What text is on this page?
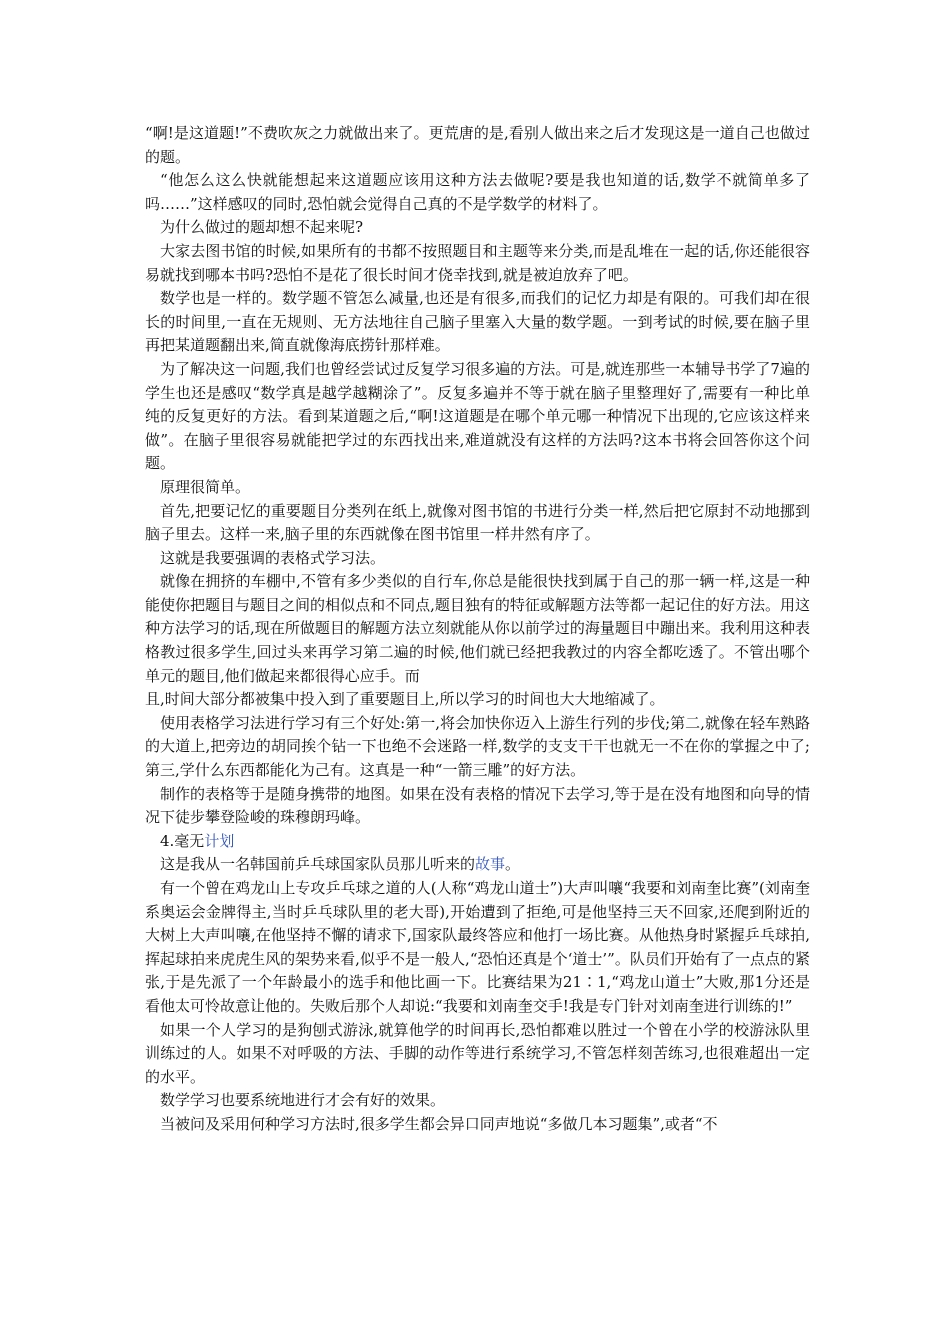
“啊!是这道题!”不费吹灰之力就做出来了。更荒唐的是,看别人做出来之后才发现这是一道自己也做过的题。

“他怎么这么快就能想起来这道题应该用这种方法去做呢?要是我也知道的话,数学不就简单多了吗……”这样感叹的同时,恐怕就会觉得自己真的不是学数学的材料了。

为什么做过的题却想不起来呢?

大家去图书馆的时候,如果所有的书都不按照题目和主题等来分类,而是乱堆在一起的话,你还能很容易就找到哪本书吗?恐怕不是花了很长时间才侥幸找到,就是被迫放弃了吧。

数学也是一样的。数学题不管怎么减量,也还是有很多,而我们的记忆力却是有限的。可我们却在很长的时间里,一直在无规则、无方法地往自己脑子里塞入大量的数学题。一到考试的时候,要在脑子里再把某道题翻出来,简直就像海底捞针那样难。

为了解决这一问题,我们也曾经尝试过反复学习很多遍的方法。可是,就连那些一本辅导书学了7遍的学生也还是感叹“数学真是越学越糊涂了”。反复多遍并不等于就在脑子里整理好了,需要有一种比单纯的反复更好的方法。看到某道题之后,“啊!这道题是在哪个单元哪一种情况下出现的,它应该这样来做”。在脑子里很容易就能把学过的东西找出来,难道就没有这样的方法吗?这本书将会回答你这个问题。

原理很简单。

首先,把要记忆的重要题目分类列在纸上,就像对图书馆的书进行分类一样,然后把它原封不动地挪到脑子里去。这样一来,脑子里的东西就像在图书馆里一样井然有序了。

这就是我要强调的表格式学习法。

就像在拥挤的车棚中,不管有多少类似的自行车,你总是能很快找到属于自己的那一辆一样,这是一种能使你把题目与题目之间的相似点和不同点,题目独有的特征或解题方法等都一起记住的好方法。用这种方法学习的话,现在所做题目的解题方法立刻就能从你以前学过的海量题目中蹦出来。我利用这种表格教过很多学生,回过头来再学习第二遍的时候,他们就已经把我教过的内容全都吃透了。不管出哪个单元的题目,他们做起来都很得心应手。而

且,时间大部分都被集中投入到了重要题目上,所以学习的时间也大大地缩减了。

使用表格学习法进行学习有三个好处:第一,将会加快你迈入上游生行列的步伐;第二,就像在轻车熟路的大道上,把旁边的胡同挨个钻一下也绝不会迷路一样,数学的支支干干也就无一不在你的掌握之中了;第三,学什么东西都能化为己有。这真是一种“一箭三雕”的好方法。

制作的表格等于是随身携带的地图。如果在没有表格的情况下去学习,等于是在没有地图和向导的情况下徒步攀登险峻的珠穆朗玛峰。

4.毫无计划

这是我从一名韩国前乒乓球国家队员那儿听来的故事。

有一个曾在鸡龙山上专攻乒乓球之道的人(人称“鸡龙山道士”)大声叫嚷“我要和刘南奎比赛”(刘南奎系奥运会金牌得主,当时乒乓球队里的老大哥),开始遭到了拒绝,可是他坚持三天不回家,还爬到附近的大树上大声叫嚷,在他坚持不懈的请求下,国家队最终答应和他打一场比赛。从他热身时紧握乒乓球拍,挥起球拍来虎虎生风的架势来看,似乎不是一般人,“恐怕还真是个‘道士’”。队员们开始有了一点点的紧张,于是先派了一个年龄最小的选手和他比画一下。比赛结果为21∶1,“鸡龙山道士”大败,那1分还是看他太可怜故意让他的。失败后那个人却说:“我要和刘南奎交手!我是专门针对刘南奎进行训练的!”

如果一个人学习的是狗刨式游泳,就算他学的时间再长,恐怕都难以胜过一个曾在小学的校游泳队里训练过的人。如果不对呼吸的方法、手脚的动作等进行系统学习,不管怎样刻苦练习,也很难超出一定的水平。

数学学习也要系统地进行才会有好的效果。

当被问及采用何种学习方法时,很多学生都会异口同声地说“多做几本习题集”,或者“不
